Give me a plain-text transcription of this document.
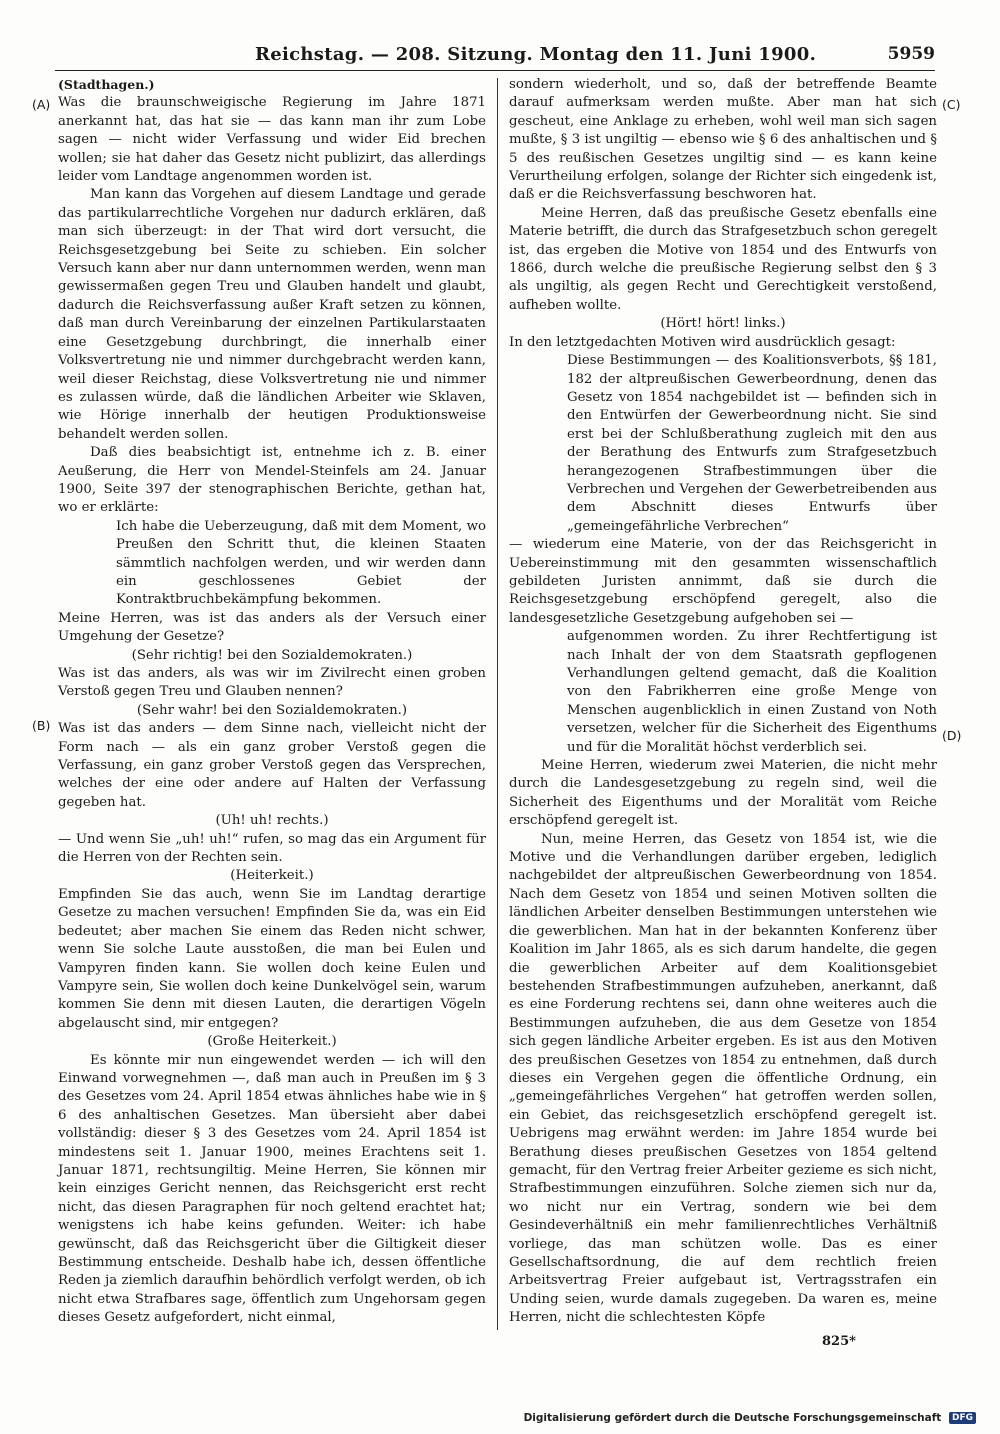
Reichstag. — 208. Sitzung. Montag den 11. Juni 1900.	5959
(A)
(B)
(C)
(D)

(Stadthagen.)

Was die braunschweigische Regierung im Jahre 1871 anerkannt hat, das hat sie — das kann man ihr zum Lobe sagen — nicht wider Verfassung und wider Eid brechen wollen; sie hat daher das Gesetz nicht publizirt, das allerdings leider vom Landtage angenommen worden ist.

Man kann das Vorgehen auf diesem Landtage und gerade das partikularrechtliche Vorgehen nur dadurch erklären, daß man sich überzeugt: in der That wird dort versucht, die Reichsgesetzgebung bei Seite zu schieben. Ein solcher Versuch kann aber nur dann unternommen werden, wenn man gewissermaßen gegen Treu und Glauben handelt und glaubt, dadurch die Reichsverfassung außer Kraft setzen zu können, daß man durch Vereinbarung der einzelnen Partikularstaaten eine Gesetzgebung durchbringt, die innerhalb einer Volksvertretung nie und nimmer durchgebracht werden kann, weil dieser Reichstag, diese Volksvertretung nie und nimmer es zulassen würde, daß die ländlichen Arbeiter wie Sklaven, wie Hörige innerhalb der heutigen Produktionsweise behandelt werden sollen.

Daß dies beabsichtigt ist, entnehme ich z. B. einer Aeußerung, die Herr von Mendel-Steinfels am 24. Januar 1900, Seite 397 der stenographischen Berichte, gethan hat, wo er erklärte:

Ich habe die Ueberzeugung, daß mit dem Moment, wo Preußen den Schritt thut, die kleinen Staaten sämmtlich nachfolgen werden, und wir werden dann ein geschlossenes Gebiet der Kontraktbruchbekämpfung bekommen.

Meine Herren, was ist das anders als der Versuch einer Umgehung der Gesetze?

(Sehr richtig! bei den Sozialdemokraten.)

Was ist das anders, als was wir im Zivilrecht einen groben Verstoß gegen Treu und Glauben nennen?

(Sehr wahr! bei den Sozialdemokraten.)

Was ist das anders — dem Sinne nach, vielleicht nicht der Form nach — als ein ganz grober Verstoß gegen die Verfassung, ein ganz grober Verstoß gegen das Versprechen, welches der eine oder andere auf Halten der Verfassung gegeben hat.

(Uh! uh! rechts.)

— Und wenn Sie „uh! uh!“ rufen, so mag das ein Argument für die Herren von der Rechten sein.

(Heiterkeit.)

Empfinden Sie das auch, wenn Sie im Landtag derartige Gesetze zu machen versuchen! Empfinden Sie da, was ein Eid bedeutet; aber machen Sie einem das Reden nicht schwer, wenn Sie solche Laute ausstoßen, die man bei Eulen und Vampyren finden kann. Sie wollen doch keine Eulen und Vampyre sein, Sie wollen doch keine Dunkelvögel sein, warum kommen Sie denn mit diesen Lauten, die derartigen Vögeln abgelauscht sind, mir entgegen?

(Große Heiterkeit.)

Es könnte mir nun eingewendet werden — ich will den Einwand vorwegnehmen —, daß man auch in Preußen im § 3 des Gesetzes vom 24. April 1854 etwas ähnliches habe wie in § 6 des anhaltischen Gesetzes. Man übersieht aber dabei vollständig: dieser § 3 des Gesetzes vom 24. April 1854 ist mindestens seit 1. Januar 1900, meines Erachtens seit 1. Januar 1871, rechtsungiltig. Meine Herren, Sie können mir kein einziges Gericht nennen, das Reichsgericht erst recht nicht, das diesen Paragraphen für noch geltend erachtet hat; wenigstens ich habe keins gefunden. Weiter: ich habe gewünscht, daß das Reichsgericht über die Giltigkeit dieser Bestimmung entscheide. Deshalb habe ich, dessen öffentliche Reden ja ziemlich daraufhin behördlich verfolgt werden, ob ich nicht etwa Strafbares sage, öffentlich zum Ungehorsam gegen dieses Gesetz aufgefordert, nicht einmal,

sondern wiederholt, und so, daß der betreffende Beamte darauf aufmerksam werden mußte. Aber man hat sich gescheut, eine Anklage zu erheben, wohl weil man sich sagen mußte, § 3 ist ungiltig — ebenso wie § 6 des anhaltischen und § 5 des reußischen Gesetzes ungiltig sind — es kann keine Verurtheilung erfolgen, solange der Richter sich eingedenk ist, daß er die Reichsverfassung beschworen hat.

Meine Herren, daß das preußische Gesetz ebenfalls eine Materie betrifft, die durch das Strafgesetzbuch schon geregelt ist, das ergeben die Motive von 1854 und des Entwurfs von 1866, durch welche die preußische Regierung selbst den § 3 als ungiltig, als gegen Recht und Gerechtigkeit verstoßend, aufheben wollte.

(Hört! hört! links.)

In den letztgedachten Motiven wird ausdrücklich gesagt:

Diese Bestimmungen — des Koalitionsverbots, §§ 181, 182 der altpreußischen Gewerbeordnung, denen das Gesetz von 1854 nachgebildet ist — befinden sich in den Entwürfen der Gewerbeordnung nicht. Sie sind erst bei der Schlußberathung zugleich mit den aus der Berathung des Entwurfs zum Strafgesetzbuch herangezogenen Strafbestimmungen über die Verbrechen und Vergehen der Gewerbetreibenden aus dem Abschnitt dieses Entwurfs über „gemeingefährliche Verbrechen“

— wiederum eine Materie, von der das Reichsgericht in Uebereinstimmung mit den gesammten wissenschaftlich gebildeten Juristen annimmt, daß sie durch die Reichsgesetzgebung erschöpfend geregelt, also die landesgesetzliche Gesetzgebung aufgehoben sei —

aufgenommen worden. Zu ihrer Rechtfertigung ist nach Inhalt der von dem Staatsrath gepflogenen Verhandlungen geltend gemacht, daß die Koalition von den Fabrikherren eine große Menge von Menschen augenblicklich in einen Zustand von Noth versetzen, welcher für die Sicherheit des Eigenthums und für die Moralität höchst verderblich sei.

Meine Herren, wiederum zwei Materien, die nicht mehr durch die Landesgesetzgebung zu regeln sind, weil die Sicherheit des Eigenthums und der Moralität vom Reiche erschöpfend geregelt ist.

Nun, meine Herren, das Gesetz von 1854 ist, wie die Motive und die Verhandlungen darüber ergeben, lediglich nachgebildet der altpreußischen Gewerbeordnung von 1854. Nach dem Gesetz von 1854 und seinen Motiven sollten die ländlichen Arbeiter denselben Bestimmungen unterstehen wie die gewerblichen. Man hat in der bekannten Konferenz über Koalition im Jahr 1865, als es sich darum handelte, die gegen die gewerblichen Arbeiter auf dem Koalitionsgebiet bestehenden Strafbestimmungen aufzuheben, anerkannt, daß es eine Forderung rechtens sei, dann ohne weiteres auch die Bestimmungen aufzuheben, die aus dem Gesetze von 1854 sich gegen ländliche Arbeiter ergeben. Es ist aus den Motiven des preußischen Gesetzes von 1854 zu entnehmen, daß durch dieses ein Vergehen gegen die öffentliche Ordnung, ein „gemeingefährliches Vergehen“ hat getroffen werden sollen, ein Gebiet, das reichsgesetzlich erschöpfend geregelt ist. Uebrigens mag erwähnt werden: im Jahre 1854 wurde bei Berathung dieses preußischen Gesetzes von 1854 geltend gemacht, für den Vertrag freier Arbeiter gezieme es sich nicht, Strafbestimmungen einzuführen. Solche ziemen sich nur da, wo nicht nur ein Vertrag, sondern wie bei dem Gesindeverhältniß ein mehr familienrechtliches Verhältniß vorliege, das man schützen wolle. Das es einer Gesellschaftsordnung, die auf dem rechtlich freien Arbeitsvertrag Freier aufgebaut ist, Vertragsstrafen ein Unding seien, wurde damals zugegeben. Da waren es, meine Herren, nicht die schlechtesten Köpfe

825*
Digitalisierung gefördert durch die Deutsche Forschungsgemeinschaft DFG
